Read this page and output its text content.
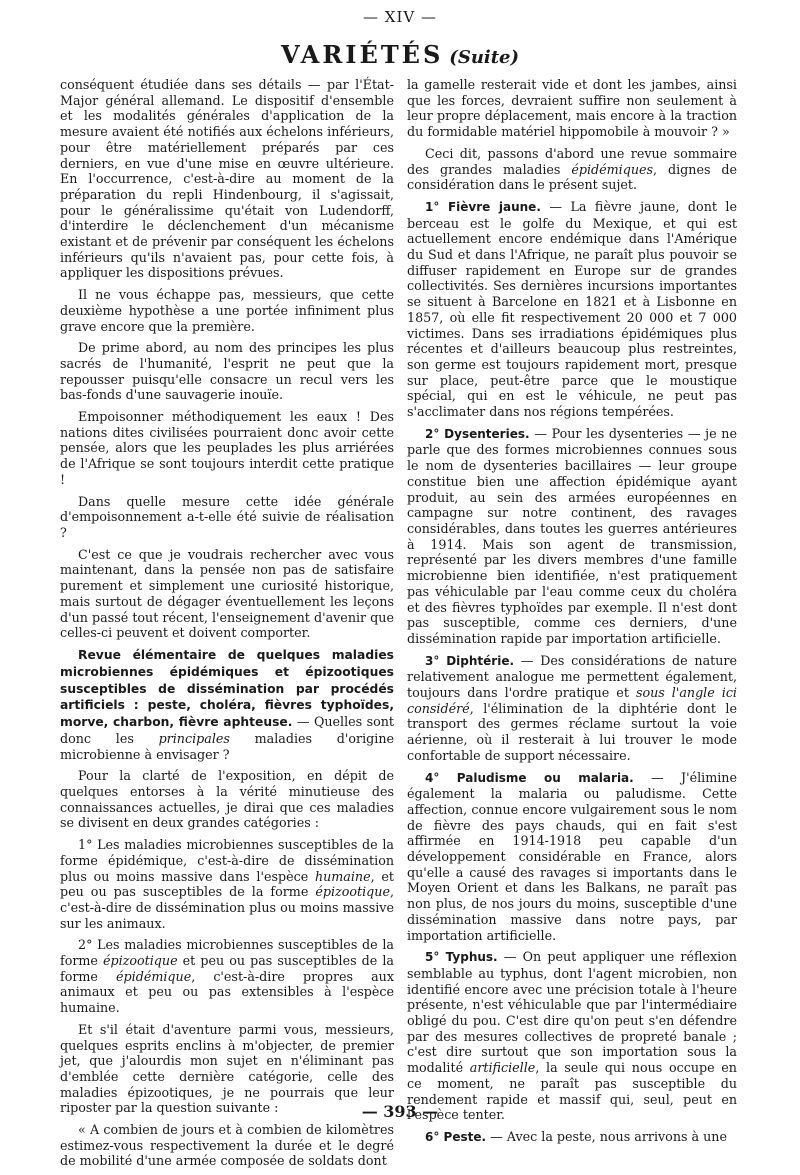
— XIV —
VARIÉTÉS (Suite)

conséquent étudiée dans ses détails — par l'État-Major général allemand. Le dispositif d'ensemble et les modalités générales d'application de la mesure avaient été notifiés aux échelons inférieurs, pour être matériellement préparés par ces derniers, en vue d'une mise en œuvre ultérieure. En l'occurrence, c'est-à-dire au moment de la préparation du repli Hindenbourg, il s'agissait, pour le généralissime qu'était von Ludendorff, d'interdire le déclenchement d'un mécanisme existant et de prévenir par conséquent les échelons inférieurs qu'ils n'avaient pas, pour cette fois, à appliquer les dispositions prévues.

Il ne vous échappe pas, messieurs, que cette deuxième hypothèse a une portée infiniment plus grave encore que la première.

De prime abord, au nom des principes les plus sacrés de l'humanité, l'esprit ne peut que la repousser puisqu'elle consacre un recul vers les bas-fonds d'une sauvagerie inouïe.

Empoisonner méthodiquement les eaux ! Des nations dites civilisées pourraient donc avoir cette pensée, alors que les peuplades les plus arriérées de l'Afrique se sont toujours interdit cette pratique !

Dans quelle mesure cette idée générale d'empoisonnement a-t-elle été suivie de réalisation ?

C'est ce que je voudrais rechercher avec vous maintenant, dans la pensée non pas de satisfaire purement et simplement une curiosité historique, mais surtout de dégager éventuellement les leçons d'un passé tout récent, l'enseignement d'avenir que celles-ci peuvent et doivent comporter.

Revue élémentaire de quelques maladies microbiennes épidémiques et épizootiques susceptibles de dissémination par procédés artificiels : peste, choléra, fièvres typhoïdes, morve, charbon, fièvre aphteuse. — Quelles sont donc les principales maladies d'origine microbienne à envisager ?

Pour la clarté de l'exposition, en dépit de quelques entorses à la vérité minutieuse des connaissances actuelles, je dirai que ces maladies se divisent en deux grandes catégories :

1° Les maladies microbiennes susceptibles de la forme épidémique, c'est-à-dire de dissémination plus ou moins massive dans l'espèce humaine, et peu ou pas susceptibles de la forme épizootique, c'est-à-dire de dissémination plus ou moins massive sur les animaux.

2° Les maladies microbiennes susceptibles de la forme épizootique et peu ou pas susceptibles de la forme épidémique, c'est-à-dire propres aux animaux et peu ou pas extensibles à l'espèce humaine.

Et s'il était d'aventure parmi vous, messieurs, quelques esprits enclins à m'objecter, de premier jet, que j'alourdis mon sujet en n'éliminant pas d'emblée cette dernière catégorie, celle des maladies épizootiques, je ne pourrais que leur riposter par la question suivante :

« A combien de jours et à combien de kilomètres estimez-vous respectivement la durée et le degré de mobilité d'une armée composée de soldats dont

la gamelle resterait vide et dont les jambes, ainsi que les forces, devraient suffire non seulement à leur propre déplacement, mais encore à la traction du formidable matériel hippomobile à mouvoir ? »

Ceci dit, passons d'abord une revue sommaire des grandes maladies épidémiques, dignes de considération dans le présent sujet.

1° Fièvre jaune. — La fièvre jaune, dont le berceau est le golfe du Mexique, et qui est actuellement encore endémique dans l'Amérique du Sud et dans l'Afrique, ne paraît plus pouvoir se diffuser rapidement en Europe sur de grandes collectivités. Ses dernières incursions importantes se situent à Barcelone en 1821 et à Lisbonne en 1857, où elle fit respectivement 20 000 et 7 000 victimes. Dans ses irradiations épidémiques plus récentes et d'ailleurs beaucoup plus restreintes, son germe est toujours rapidement mort, presque sur place, peut-être parce que le moustique spécial, qui en est le véhicule, ne peut pas s'acclimater dans nos régions tempérées.

2° Dysenteries. — Pour les dysenteries — je ne parle que des formes microbiennes connues sous le nom de dysenteries bacillaires — leur groupe constitue bien une affection épidémique ayant produit, au sein des armées européennes en campagne sur notre continent, des ravages considérables, dans toutes les guerres antérieures à 1914. Mais son agent de transmission, représenté par les divers membres d'une famille microbienne bien identifiée, n'est pratiquement pas véhiculable par l'eau comme ceux du choléra et des fièvres typhoïdes par exemple. Il n'est dont pas susceptible, comme ces derniers, d'une dissémination rapide par importation artificielle.

3° Diphtérie. — Des considérations de nature relativement analogue me permettent également, toujours dans l'ordre pratique et sous l'angle ici considéré, l'élimination de la diphtérie dont le transport des germes réclame surtout la voie aérienne, où il resterait à lui trouver le mode confortable de support nécessaire.

4° Paludisme ou malaria. — J'élimine également la malaria ou paludisme. Cette affection, connue encore vulgairement sous le nom de fièvre des pays chauds, qui en fait s'est affirmée en 1914-1918 peu capable d'un développement considérable en France, alors qu'elle a causé des ravages si importants dans le Moyen Orient et dans les Balkans, ne paraît pas non plus, de nos jours du moins, susceptible d'une dissémination massive dans notre pays, par importation artificielle.

5° Typhus. — On peut appliquer une réflexion semblable au typhus, dont l'agent microbien, non identifié encore avec une précision totale à l'heure présente, n'est véhiculable que par l'intermédiaire obligé du pou. C'est dire qu'on peut s'en défendre par des mesures collectives de propreté banale ; c'est dire surtout que son importation sous la modalité artificielle, la seule qui nous occupe en ce moment, ne paraît pas susceptible du rendement rapide et massif qui, seul, peut en l'espèce tenter.

6° Peste. — Avec la peste, nous arrivons à une

— 393 —
